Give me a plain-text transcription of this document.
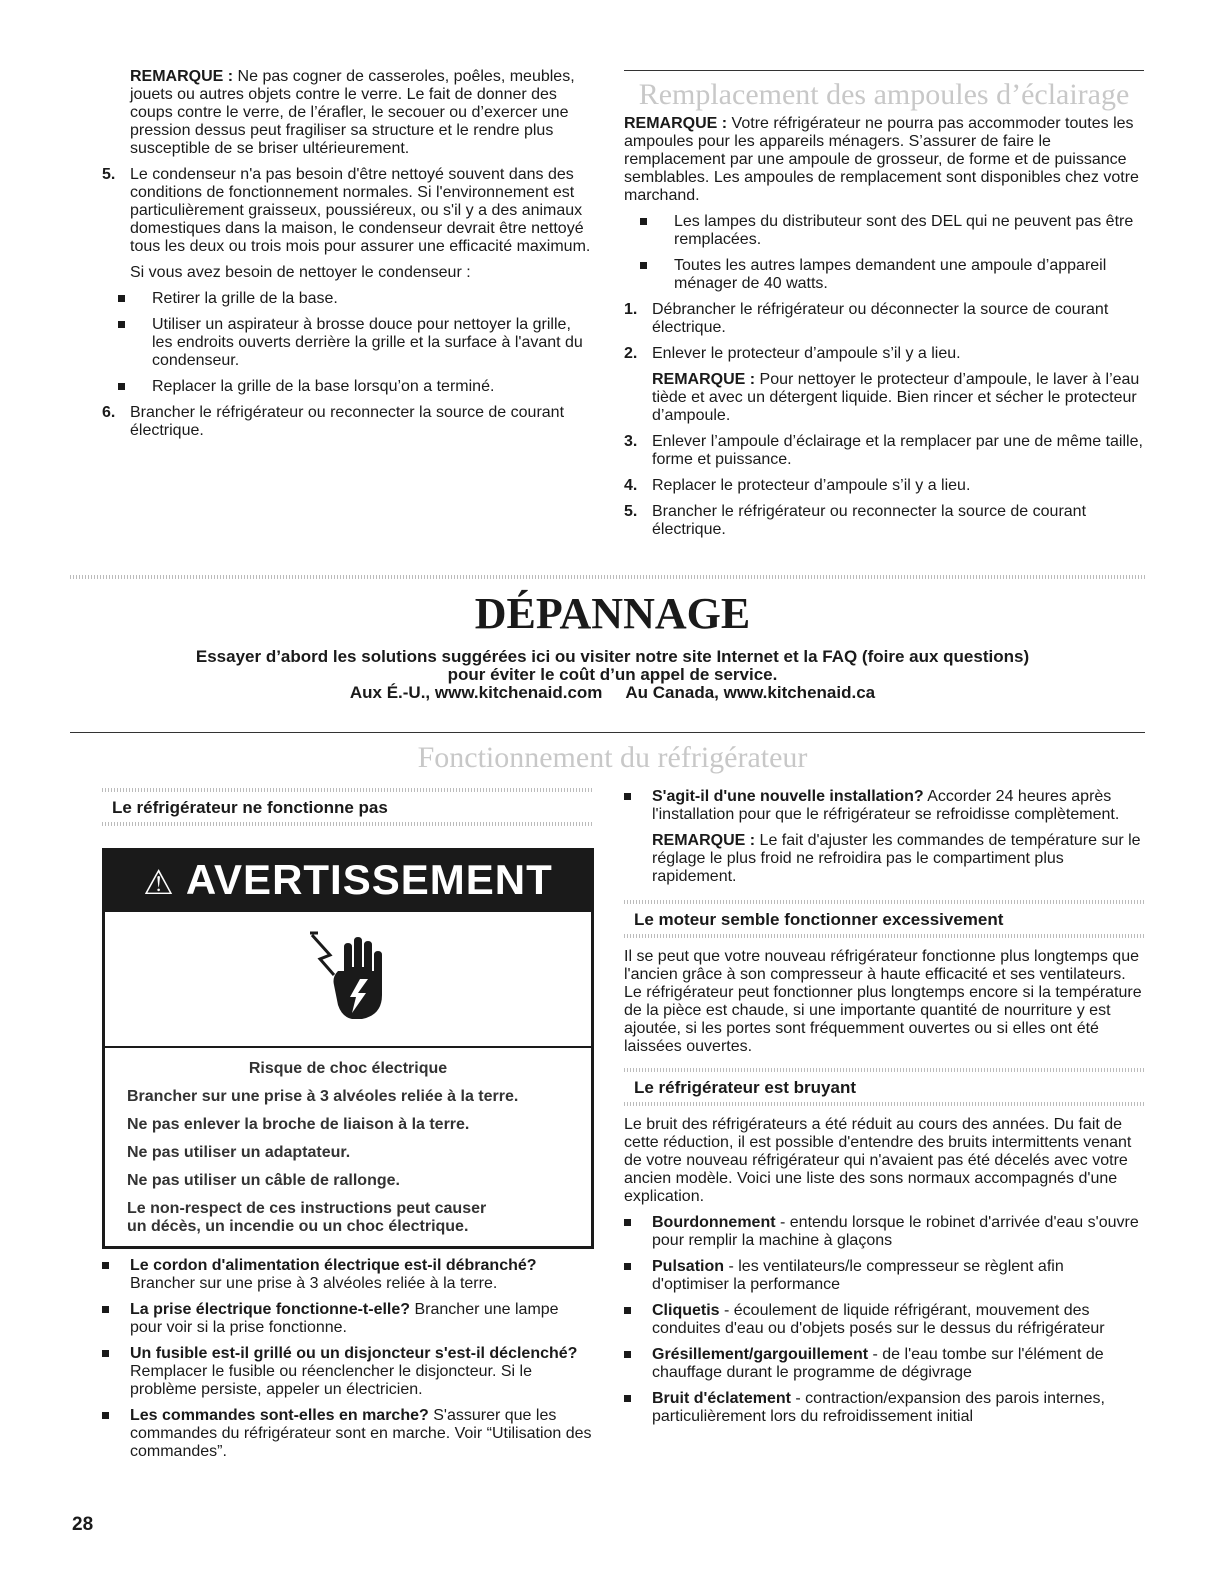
REMARQUE : Ne pas cogner de casseroles, poêles, meubles, jouets ou autres objets contre le verre. Le fait de donner des coups contre le verre, de l’érafler, le secouer ou d’exercer une pression dessus peut fragiliser sa structure et le rendre plus susceptible de se briser ultérieurement.

5. Le condenseur n'a pas besoin d'être nettoyé souvent dans des conditions de fonctionnement normales. Si l'environnement est particulièrement graisseux, poussiéreux, ou s'il y a des animaux domestiques dans la maison, le condenseur devrait être nettoyé tous les deux ou trois mois pour assurer une efficacité maximum.

Si vous avez besoin de nettoyer le condenseur :

Retirer la grille de la base.
Utiliser un aspirateur à brosse douce pour nettoyer la grille, les endroits ouverts derrière la grille et la surface à l'avant du condenseur.
Replacer la grille de la base lorsqu’on a terminé.
6. Brancher le réfrigérateur ou reconnecter la source de courant électrique.
Remplacement des ampoules d’éclairage

REMARQUE : Votre réfrigérateur ne pourra pas accommoder toutes les ampoules pour les appareils ménagers. S’assurer de faire le remplacement par une ampoule de grosseur, de forme et de puissance semblables. Les ampoules de remplacement sont disponibles chez votre marchand.

Les lampes du distributeur sont des DEL qui ne peuvent pas être remplacées.
Toutes les autres lampes demandent une ampoule d’appareil ménager de 40 watts.
1. Débrancher le réfrigérateur ou déconnecter la source de courant électrique.
2. Enlever le protecteur d’ampoule s’il y a lieu.

REMARQUE : Pour nettoyer le protecteur d’ampoule, le laver à l’eau tiède et avec un détergent liquide. Bien rincer et sécher le protecteur d’ampoule.

3. Enlever l’ampoule d’éclairage et la remplacer par une de même taille, forme et puissance.
4. Replacer le protecteur d’ampoule s’il y a lieu.
5. Brancher le réfrigérateur ou reconnecter la source de courant électrique.
DÉPANNAGE
Essayer d’abord les solutions suggérées ici ou visiter notre site Internet et la FAQ (foire aux questions)
pour éviter le coût d’un appel de service.
Aux É.-U., www.kitchenaid.com     Au Canada, www.kitchenaid.ca
Fonctionnement du réfrigérateur
Le réfrigérateur ne fonctionne pas
⚠ AVERTISSEMENT

Risque de choc électrique

Brancher sur une prise à 3 alvéoles reliée à la terre.

Ne pas enlever la broche de liaison à la terre.

Ne pas utiliser un adaptateur.

Ne pas utiliser un câble de rallonge.

Le non-respect de ces instructions peut causer
un décès, un incendie ou un choc électrique.
Le cordon d'alimentation électrique est-il débranché? Brancher sur une prise à 3 alvéoles reliée à la terre.
La prise électrique fonctionne-t-elle? Brancher une lampe pour voir si la prise fonctionne.
Un fusible est-il grillé ou un disjoncteur s'est-il déclenché? Remplacer le fusible ou réenclencher le disjoncteur. Si le problème persiste, appeler un électricien.
Les commandes sont-elles en marche? S'assurer que les commandes du réfrigérateur sont en marche. Voir “Utilisation des commandes”.
S'agit-il d'une nouvelle installation? Accorder 24 heures après l'installation pour que le réfrigérateur se refroidisse complètement.

REMARQUE : Le fait d'ajuster les commandes de température sur le réglage le plus froid ne refroidira pas le compartiment plus rapidement.

Le moteur semble fonctionner excessivement

Il se peut que votre nouveau réfrigérateur fonctionne plus longtemps que l'ancien grâce à son compresseur à haute efficacité et ses ventilateurs. Le réfrigérateur peut fonctionner plus longtemps encore si la température de la pièce est chaude, si une importante quantité de nourriture y est ajoutée, si les portes sont fréquemment ouvertes ou si elles ont été laissées ouvertes.

Le réfrigérateur est bruyant

Le bruit des réfrigérateurs a été réduit au cours des années. Du fait de cette réduction, il est possible d'entendre des bruits intermittents venant de votre nouveau réfrigérateur qui n'avaient pas été décelés avec votre ancien modèle. Voici une liste des sons normaux accompagnés d'une explication.

Bourdonnement - entendu lorsque le robinet d'arrivée d'eau s'ouvre pour remplir la machine à glaçons
Pulsation - les ventilateurs/le compresseur se règlent afin d'optimiser la performance
Cliquetis - écoulement de liquide réfrigérant, mouvement des conduites d'eau ou d'objets posés sur le dessus du réfrigérateur
Grésillement/gargouillement - de l'eau tombe sur l'élément de chauffage durant le programme de dégivrage
Bruit d'éclatement - contraction/expansion des parois internes, particulièrement lors du refroidissement initial
28
